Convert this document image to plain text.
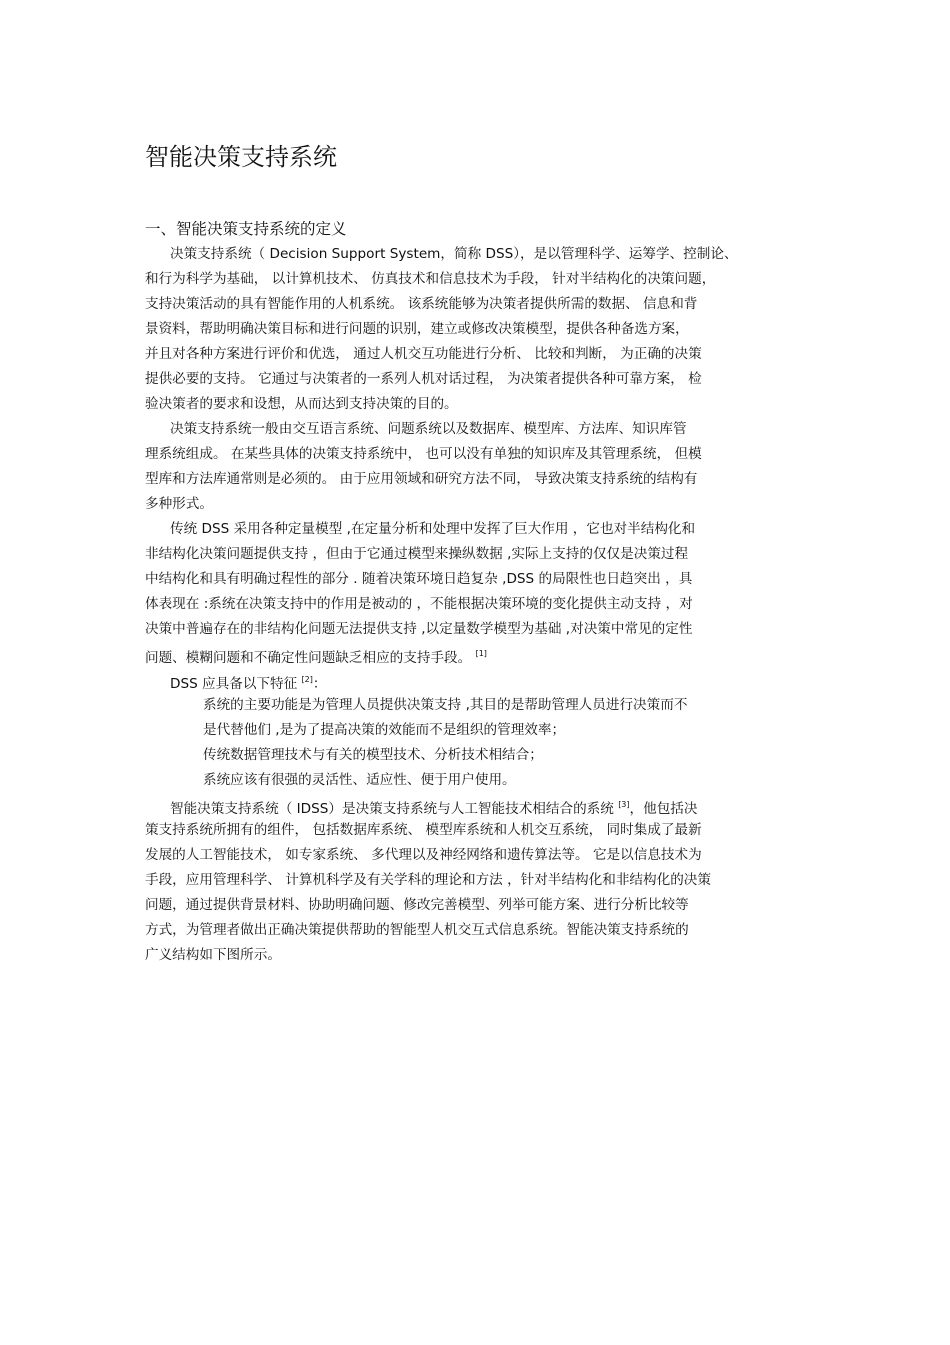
智能决策支持系统
一、智能决策支持系统的定义
决策支持系统（ Decision Support System，简称 DSS），是以管理科学、运筹学、控制论、
和行为科学为基础， 以计算机技术、 仿真技术和信息技术为手段， 针对半结构化的决策问题，
支持决策活动的具有智能作用的人机系统。 该系统能够为决策者提供所需的数据、 信息和背
景资料，帮助明确决策目标和进行问题的识别，建立或修改决策模型，提供各种备选方案，
并且对各种方案进行评价和优选， 通过人机交互功能进行分析、 比较和判断， 为正确的决策
提供必要的支持。 它通过与决策者的一系列人机对话过程， 为决策者提供各种可靠方案， 检
验决策者的要求和设想，从而达到支持决策的目的。
决策支持系统一般由交互语言系统、问题系统以及数据库、模型库、方法库、知识库管
理系统组成。 在某些具体的决策支持系统中， 也可以没有单独的知识库及其管理系统， 但模
型库和方法库通常则是必须的。 由于应用领域和研究方法不同， 导致决策支持系统的结构有
多种形式。
传统 DSS 采用各种定量模型 ,在定量分析和处理中发挥了巨大作用 ，它也对半结构化和
非结构化决策问题提供支持 ，但由于它通过模型来操纵数据 ,实际上支持的仅仅是决策过程
中结构化和具有明确过程性的部分 . 随着决策环境日趋复杂 ,DSS 的局限性也日趋突出 ，具
体表现在 :系统在决策支持中的作用是被动的 ，不能根据决策环境的变化提供主动支持 ，对
决策中普遍存在的非结构化问题无法提供支持 ,以定量数学模型为基础 ,对决策中常见的定性
问题、模糊问题和不确定性问题缺乏相应的支持手段。 [1]
DSS 应具备以下特征 [2]：
系统的主要功能是为管理人员提供决策支持 ,其目的是帮助管理人员进行决策而不
是代替他们 ,是为了提高决策的效能而不是组织的管理效率；
传统数据管理技术与有关的模型技术、分析技术相结合；
系统应该有很强的灵活性、适应性、便于用户使用。
智能决策支持系统（ IDSS）是决策支持系统与人工智能技术相结合的系统 [3]，他包括决
策支持系统所拥有的组件， 包括数据库系统、 模型库系统和人机交互系统， 同时集成了最新
发展的人工智能技术， 如专家系统、 多代理以及神经网络和遗传算法等。 它是以信息技术为
手段，应用管理科学、 计算机科学及有关学科的理论和方法 ，针对半结构化和非结构化的决策
问题，通过提供背景材料、协助明确问题、修改完善模型、列举可能方案、进行分析比较等
方式，为管理者做出正确决策提供帮助的智能型人机交互式信息系统。智能决策支持系统的
广义结构如下图所示。
